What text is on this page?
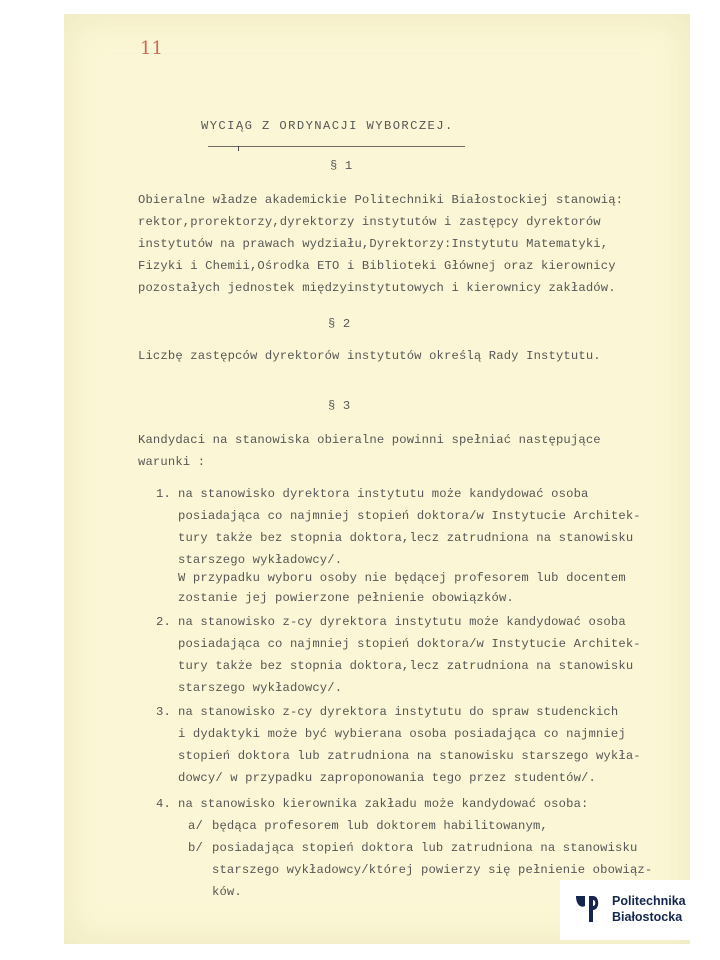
11
WYCIĄG Z ORDYNACJI WYBORCZEJ.
§ 1
Obieralne władze akademickie Politechniki Białostockiej stanowią:
rektor,prorektorzy,dyrektorzy instytutów i zastępcy dyrektorów
instytutów na prawach wydziału,Dyrektorzy:Instytutu Matematyki,
Fizyki i Chemii,Ośrodka ETO i Biblioteki Głównej oraz kierownicy
pozostałych jednostek międzyinstytutowych i kierownicy zakładów.
§ 2
Liczbę zastępców dyrektorów instytutów określą Rady Instytutu.
§ 3
Kandydaci na stanowiska obieralne powinni spełniać następujące
warunki :
1. na stanowisko dyrektora instytutu może kandydować osoba
posiadająca co najmniej stopień doktora/w Instytucie Architek-
tury także bez stopnia doktora,lecz zatrudniona na stanowisku
starszego wykładowcy/.
W przypadku wyboru osoby nie będącej profesorem lub docentem
zostanie jej powierzone pełnienie obowiązków.
2. na stanowisko z-cy dyrektora instytutu może kandydować osoba
posiadająca co najmniej stopień doktora/w Instytucie Architek-
tury także bez stopnia doktora,lecz zatrudniona na stanowisku
starszego wykładowcy/.
3. na stanowisko z-cy dyrektora instytutu do spraw studenckich
i dydaktyki może być wybierana osoba posiadająca co najmniej
stopień doktora lub zatrudniona na stanowisku starszego wykła-
dowcy/ w przypadku zaproponowania tego przez studentów/.
4. na stanowisko kierownika zakładu może kandydować osoba:
a/ będąca profesorem lub doktorem habilitowanym,
b/ posiadająca stopień doktora lub zatrudniona na stanowisku
starszego wykładowcy/której powierzy się pełnienie obowiąz-
ków.
Politechnika
Białostocka
